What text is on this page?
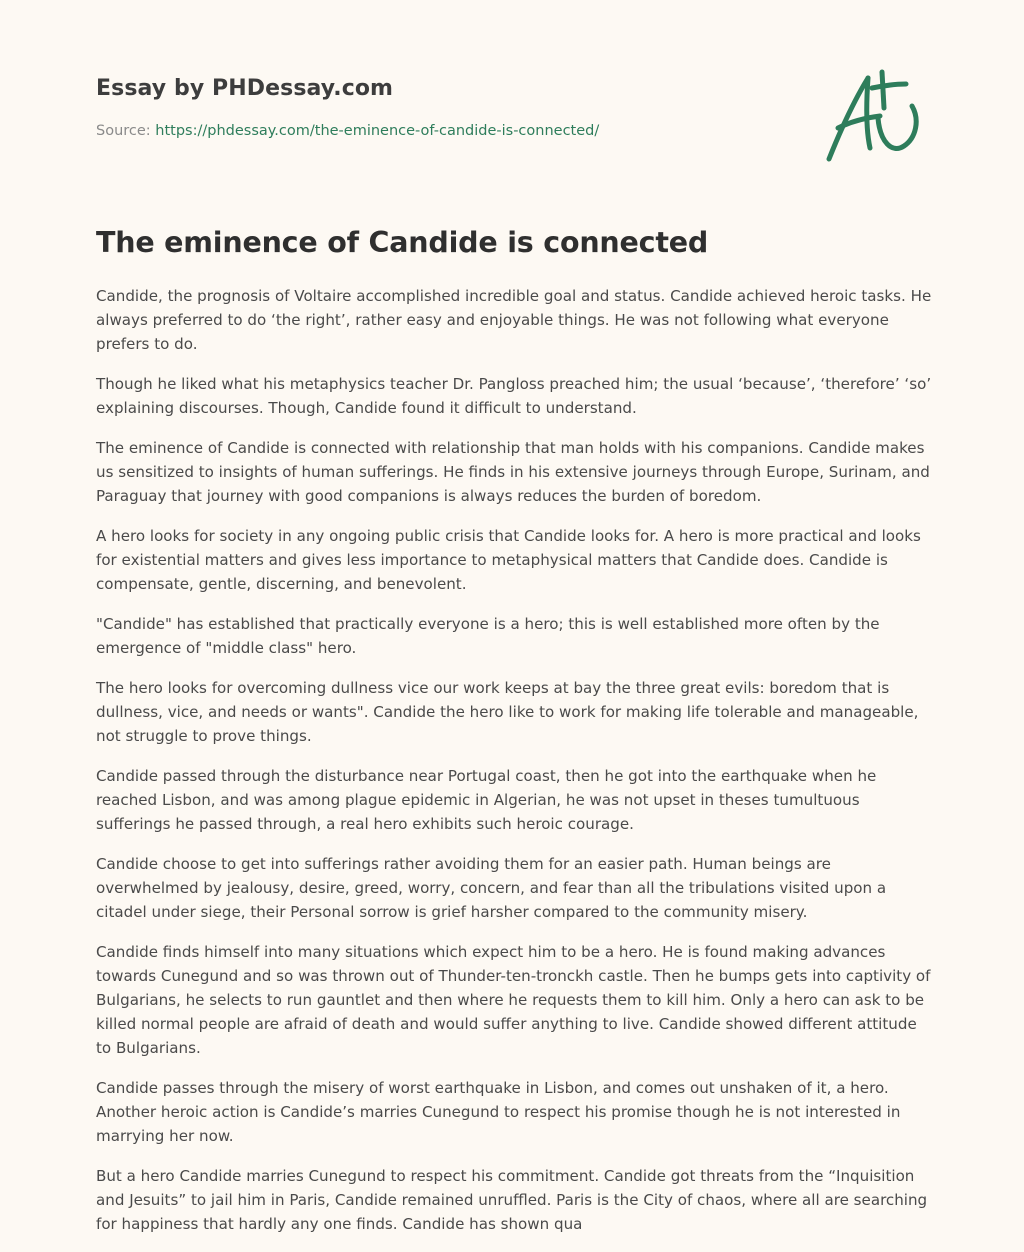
Essay by PHDessay.com
Source: https://phdessay.com/the-eminence-of-candide-is-connected/
The eminence of Candide is connected

Candide, the prognosis of Voltaire accomplished incredible goal and status. Candide achieved heroic tasks. He always preferred to do ‘the right’, rather easy and enjoyable things. He was not following what everyone prefers to do.

Though he liked what his metaphysics teacher Dr. Pangloss preached him; the usual ‘because’, ‘therefore’ ‘so’ explaining discourses. Though, Candide found it difficult to understand.

The eminence of Candide is connected with relationship that man holds with his companions. Candide makes us sensitized to insights of human sufferings. He finds in his extensive journeys through Europe, Surinam, and Paraguay that journey with good companions is always reduces the burden of boredom.

A hero looks for society in any ongoing public crisis that Candide looks for. A hero is more practical and looks for existential matters and gives less importance to metaphysical matters that Candide does. Candide is compensate, gentle, discerning, and benevolent.

"Candide" has established that practically everyone is a hero; this is well established more often by the emergence of "middle class" hero.

The hero looks for overcoming dullness vice our work keeps at bay the three great evils: boredom that is dullness, vice, and needs or wants". Candide the hero like to work for making life tolerable and manageable, not struggle to prove things.

Candide passed through the disturbance near Portugal coast, then he got into the earthquake when he reached Lisbon, and was among plague epidemic in Algerian, he was not upset in theses tumultuous sufferings he passed through, a real hero exhibits such heroic courage.

Candide choose to get into sufferings rather avoiding them for an easier path. Human beings are overwhelmed by jealousy, desire, greed, worry, concern, and fear than all the tribulations visited upon a citadel under siege, their Personal sorrow is grief harsher compared to the community misery.

Candide finds himself into many situations which expect him to be a hero. He is found making advances towards Cunegund and so was thrown out of Thunder-ten-tronckh castle. Then he bumps gets into captivity of Bulgarians, he selects to run gauntlet and then where he requests them to kill him. Only a hero can ask to be killed normal people are afraid of death and would suffer anything to live. Candide showed different attitude to Bulgarians.

Candide passes through the misery of worst earthquake in Lisbon, and comes out unshaken of it, a hero. Another heroic action is Candide’s marries Cunegund to respect his promise though he is not interested in marrying her now.

But a hero Candide marries Cunegund to respect his commitment. Candide got threats from the “Inquisition and Jesuits” to jail him in Paris, Candide remained unruffled. Paris is the City of chaos, where all are searching for happiness that hardly any one finds. Candide has shown qua
